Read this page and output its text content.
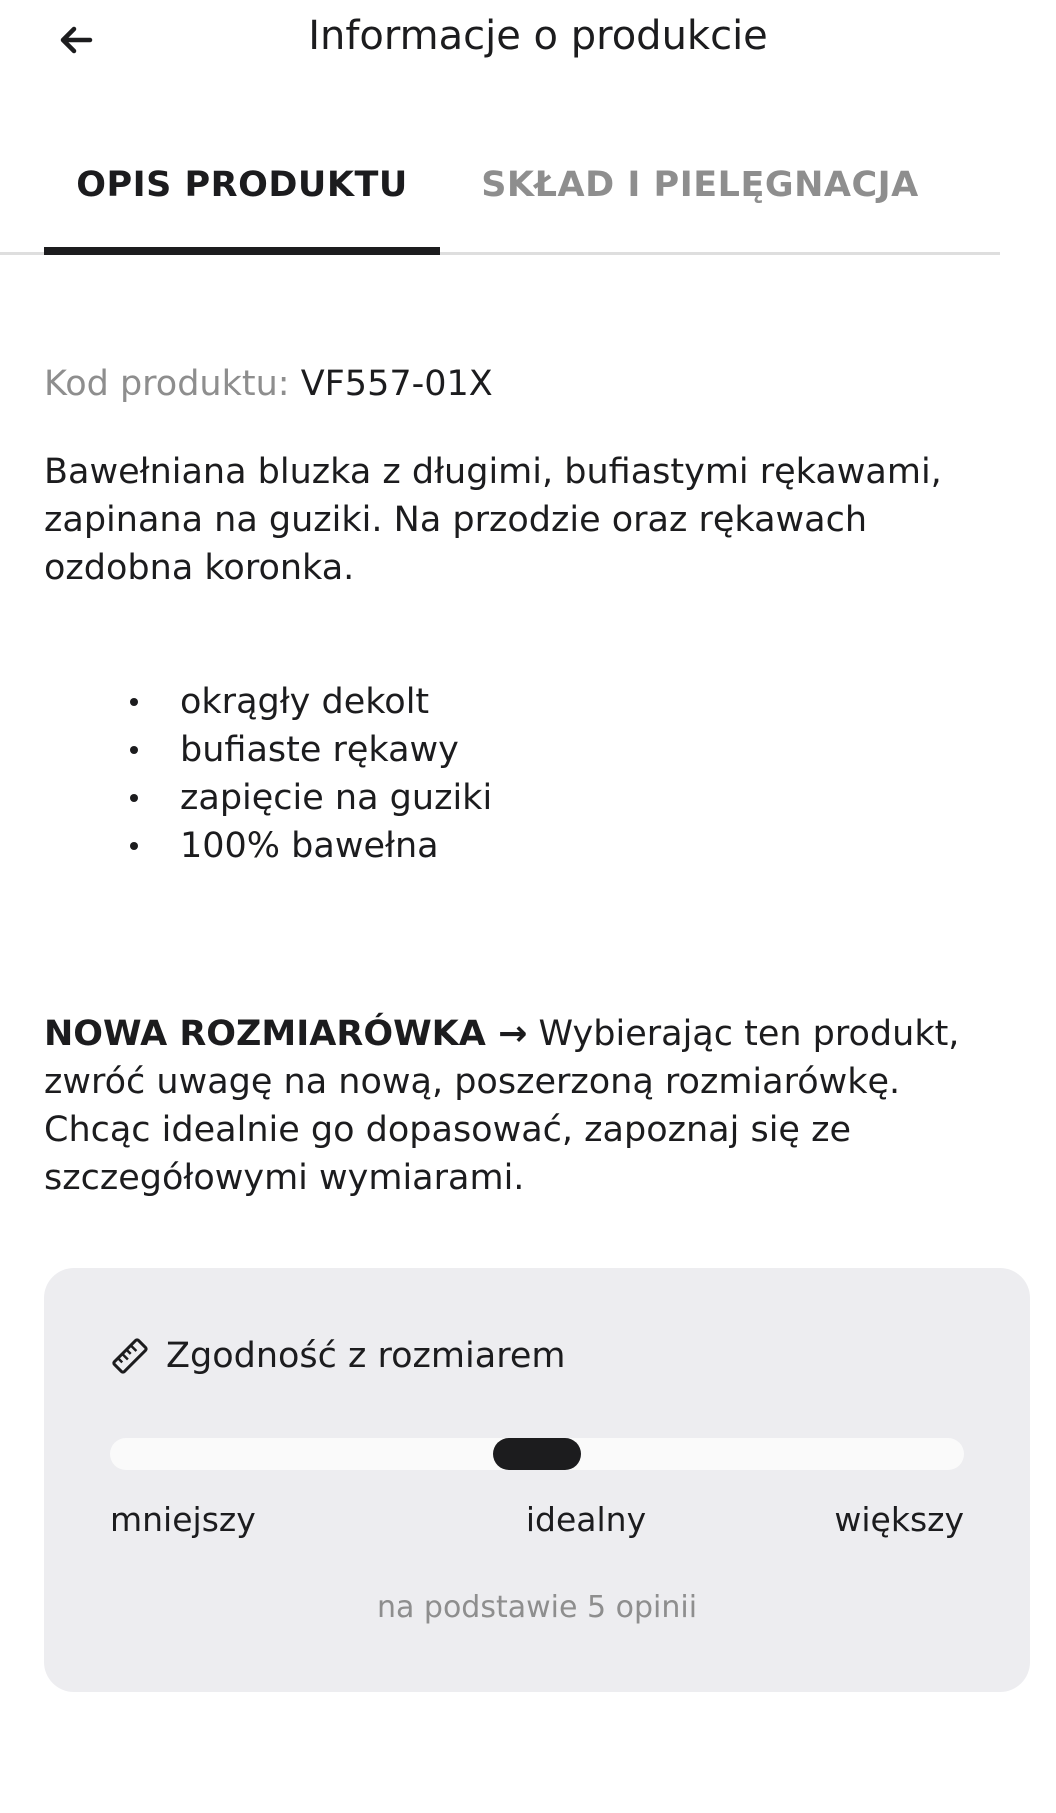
Informacje o produkcie
OPIS PRODUKTU	SKŁAD I PIELĘGNACJA
Kod produktu: VF557-01X

Bawełniana bluzka z długimi, bufiastymi rękawami, zapinana na guziki. Na przodzie oraz rękawach ozdobna koronka.

okrągły dekolt
bufiaste rękawy
zapięcie na guziki
100% bawełna

NOWA ROZMIARÓWKA → Wybierając ten produkt, zwróć uwagę na nową, poszerzoną rozmiarówkę. Chcąc idealnie go dopasować, zapoznaj się ze szczegółowymi wymiarami.

Zgodność z rozmiarem
mniejszy	idealny	większy
na podstawie 5 opinii
